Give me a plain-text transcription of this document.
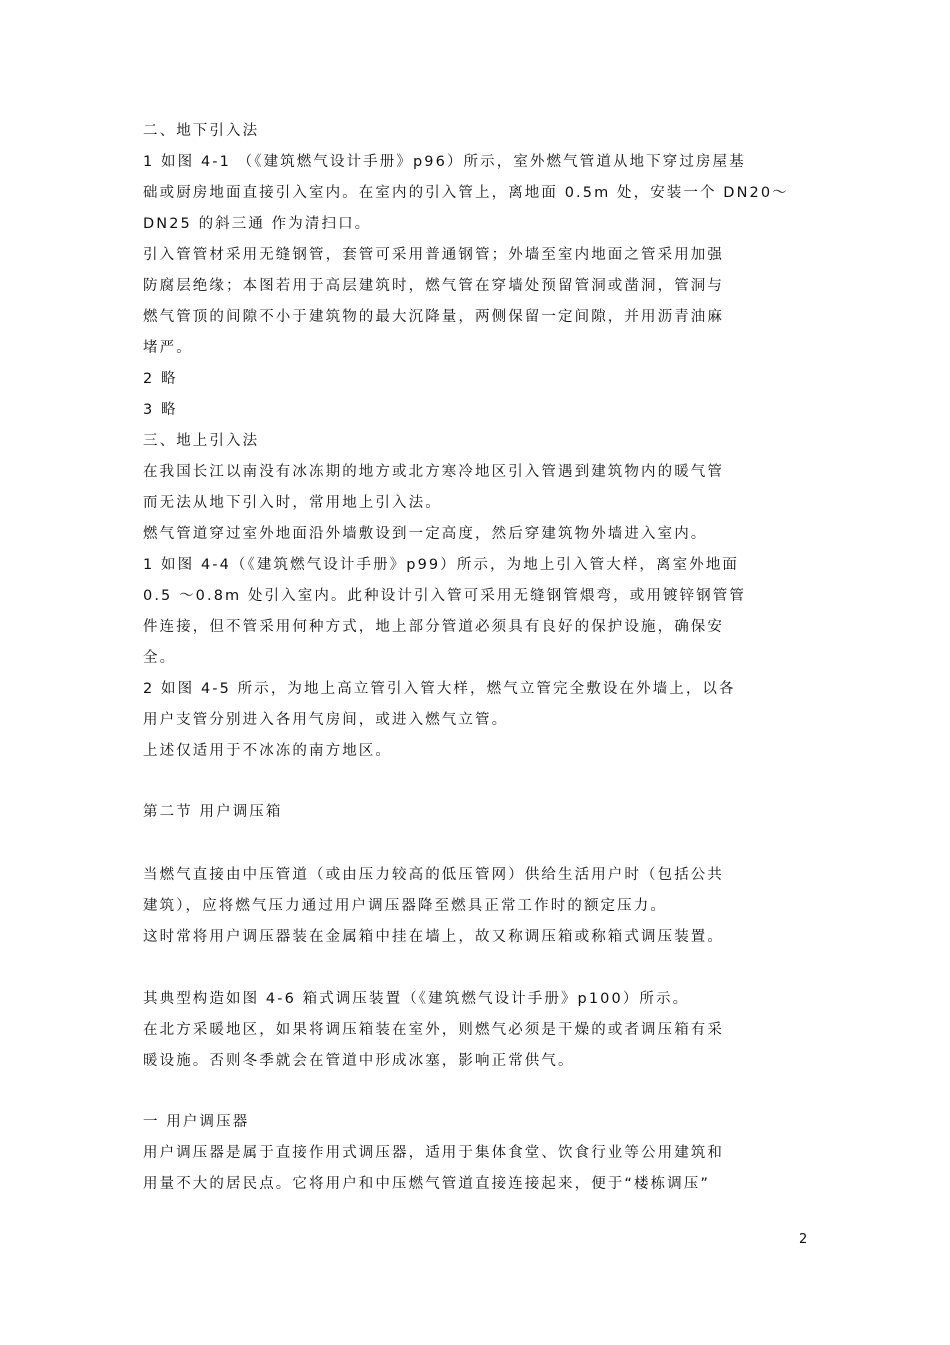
二、地下引入法

1 如图 4-1 （《建筑燃气设计手册》p96）所示，室外燃气管道从地下穿过房屋基

础或厨房地面直接引入室内。在室内的引入管上，离地面 0.5m 处，安装一个 DN20～

DN25 的斜三通 作为清扫口。

引入管管材采用无缝钢管，套管可采用普通钢管；外墙至室内地面之管采用加强

防腐层绝缘；本图若用于高层建筑时，燃气管在穿墙处预留管洞或凿洞，管洞与

燃气管顶的间隙不小于建筑物的最大沉降量，两侧保留一定间隙，并用沥青油麻

堵严。

2 略

3 略

三、地上引入法

在我国长江以南没有冰冻期的地方或北方寒冷地区引入管遇到建筑物内的暖气管

而无法从地下引入时，常用地上引入法。

燃气管道穿过室外地面沿外墙敷设到一定高度，然后穿建筑物外墙进入室内。

1 如图 4-4（《建筑燃气设计手册》p99）所示，为地上引入管大样，离室外地面

0.5 ～0.8m 处引入室内。此种设计引入管可采用无缝钢管煨弯，或用镀锌钢管管

件连接，但不管采用何种方式，地上部分管道必须具有良好的保护设施，确保安

全。

2 如图 4-5 所示，为地上高立管引入管大样，燃气立管完全敷设在外墙上，以各

用户支管分别进入各用气房间，或进入燃气立管。

上述仅适用于不冰冻的南方地区。

第二节 用户调压箱

当燃气直接由中压管道（或由压力较高的低压管网）供给生活用户时（包括公共

建筑），应将燃气压力通过用户调压器降至燃具正常工作时的额定压力。

这时常将用户调压器装在金属箱中挂在墙上，故又称调压箱或称箱式调压装置。

其典型构造如图 4-6 箱式调压装置（《建筑燃气设计手册》p100）所示。

在北方采暖地区，如果将调压箱装在室外，则燃气必须是干燥的或者调压箱有采

暖设施。否则冬季就会在管道中形成冰塞，影响正常供气。

一 用户调压器

用户调压器是属于直接作用式调压器，适用于集体食堂、饮食行业等公用建筑和

用量不大的居民点。它将用户和中压燃气管道直接连接起来，便于“楼栋调压”

2
